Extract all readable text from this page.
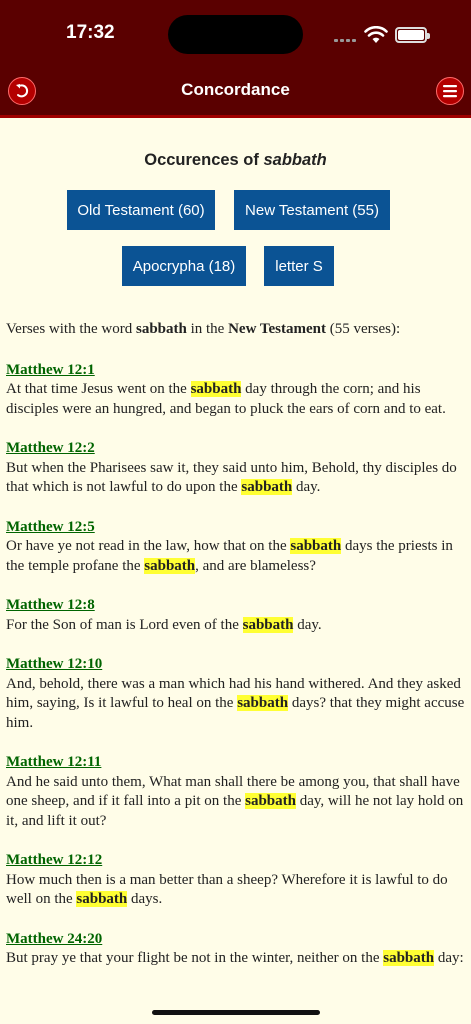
17:32
Concordance
Occurences of sabbath
Old Testament (60)	New Testament (55)
Apocrypha (18)	letter S

Verses with the word sabbath in the New Testament (55 verses):

Matthew 12:1
At that time Jesus went on the sabbath day through the corn; and his disciples were an hungred, and began to pluck the ears of corn and to eat.
Matthew 12:2
But when the Pharisees saw it, they said unto him, Behold, thy disciples do that which is not lawful to do upon the sabbath day.
Matthew 12:5
Or have ye not read in the law, how that on the sabbath days the priests in the temple profane the sabbath, and are blameless?
Matthew 12:8
For the Son of man is Lord even of the sabbath day.
Matthew 12:10
And, behold, there was a man which had his hand withered. And they asked him, saying, Is it lawful to heal on the sabbath days? that they might accuse him.
Matthew 12:11
And he said unto them, What man shall there be among you, that shall have one sheep, and if it fall into a pit on the sabbath day, will he not lay hold on it, and lift it out?
Matthew 12:12
How much then is a man better than a sheep? Wherefore it is lawful to do well on the sabbath days.
Matthew 24:20
But pray ye that your flight be not in the winter, neither on the sabbath day:
